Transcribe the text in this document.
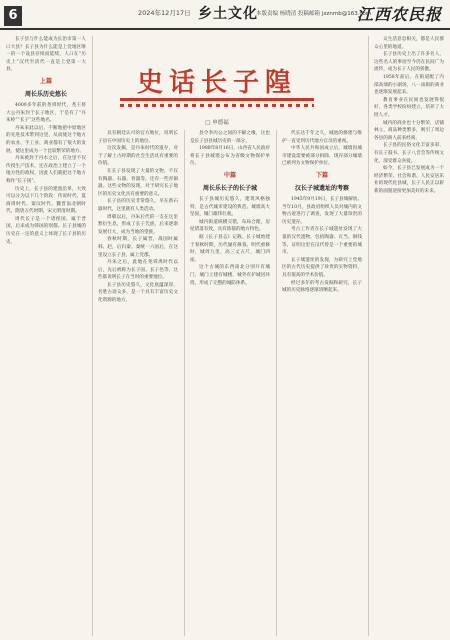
6	2024年12月17日 乡土文化
本版责编 杨晓清 投稿邮箱 jxznmb@163.com
江西农民报

长子县与什么能成为长治市第一人口大县？长子县为什么能是上党地区唯一的一个设县存续而延续，人口在“历史上”汉代至清代一直是上党第一大县。

上篇
周长乐历史悠长

4000多年前的尧舜时代，尧王将大公丹朱封于长子地区，于是有了“丹朱岭”“长子”这些地名。

丹朱来此以后，不断地把中原地区的先进技术带到这里，从而使这个地方的农业、手工业、商业都有了很大的发展，使这里成为一个比较繁荣的地方。

丹朱被封于丹水之后，在这里不仅传授生产技术，还在政治上建立了一个地方性的政权，因此人们就把这个地方称作“长子国”。

历史上，长子县的建置沿革，大致可以分为以下几个阶段：传说时代、夏商周时代、秦汉时代、魏晋南北朝时代、隋唐五代时期、宋元明清时期。

周代长子是一个诸侯国，属于晋国，后来成为韩国的别都。长子县城的历史在一定的意义上体现了长子县的历史。

史话长子隍
□ 申德福

具有朝廷认可的官方地位，说明长子县在中国历史上的地位。

这次发掘，是丹朱时代的遗存，对于了解上古时期的社会生活具有重要的价值。

在长子县发现了大量的文物，不仅有陶器、石器、骨器等，还有一些青铜器。这些文物的发现，对于研究长子地区的历史文化具有重要的意义。

长子县的历史非常悠久，早在新石器时代，这里就有人类活动。

周朝以后，丹朱后代的一支在这里繁衍生息，形成了长子氏族，后来逐渐发展壮大，成为当地的望族。

春秋时期，长子属晋，战国时属韩、赵，后归秦。秦统一六国后，在这里设立长子县，属上党郡。

丹朱之后，此地在尧舜禹时代以后，先后被称为长子国、长子邑等，这些都说明长子在当时的重要地位。

长子县历史悠久，文化底蕴深厚，名胜古迹众多，是一个具有丰富历史文化资源的地方。

县令李丙公之间的不解之缘，这也是长子县县城历史的一部分。

1988年8月16日，山西省人民政府将长子县城墙公布为省级文物保护单位。

中篇
周长乐长子的长子城

长子县城历史悠久，建筑风格独特，是古代城市建设的典范。城墙高大坚固，城门雄伟壮观。

城内街道纵横交错，布局合理，房屋错落有致，具有浓郁的地方特色。

据《长子县志》记载，长子城始建于春秋时期，历代屡有修葺。明代重修时，城周九里，高三丈五尺，城门四座。

这个古城的东西南北分别开有城门，城门上建有城楼，城外有护城河环绕，形成了完整的城防体系。

代长达千年之久，城池的修建与维护一直受到历代地方官员的重视。

中华人民共和国成立后，城墙因城市建设需要被部分拆除，现存部分城墙已被列为文物保护单位。

下篇
汉长子城遗址的考察

1945年9月19日，长子县城解放。当年10月，县政府组织人员对城内的文物古迹进行了调查，发现了大量珍贵的历史遗存。

考古工作者在长子城遗址发现了大量的汉代遗物，包括陶器、瓦当、铜钱等，证明这里在汉代曾是一个重要的城市。

长子城遗址的发现，为研究上党地区的古代历史提供了珍贵的实物资料，具有很高的学术价值。

经过多年的考古发掘和研究，长子城的历史脉络逐渐清晰起来。

众生活息息相关，都是人民群众心里的地道。

长子县历史上出了许多名人，这些名人的事迹至今仍在民间广为流传，成为长子人民的骄傲。

1958年前后，在街道配了内部高端的小剧场，八一南街的商业也逐渐发展起来。

教育事业在民间也发展得很好，各类学校纷纷建立，培养了大批人才。

城内的商业也十分繁荣，店铺林立，商品种类繁多，吸引了周边各县的商人前来经商。

长子县的民俗文化丰富多彩，有长子鼓书、长子八音会等传统文化，深受群众喜爱。

如今，长子县已发展成为一个经济繁荣、社会和谐、人民安居乐业的现代化县城，长子人民正以崭新的面貌迎接更加美好的未来。
